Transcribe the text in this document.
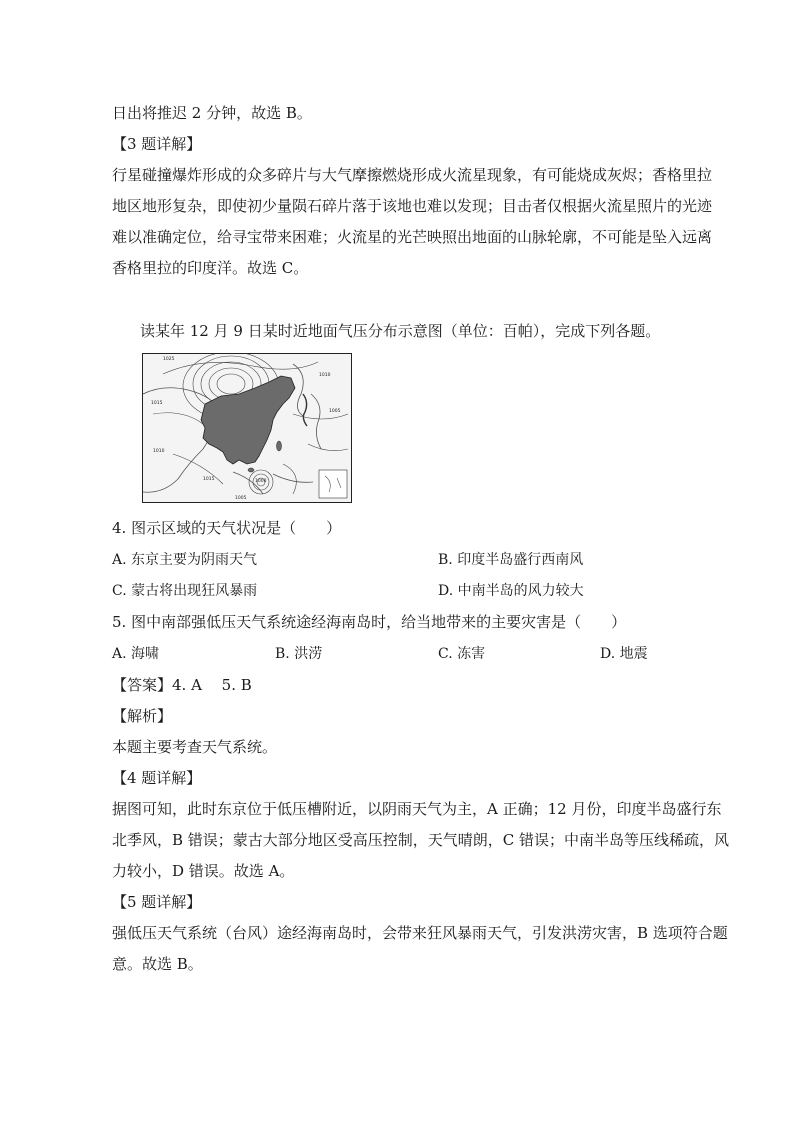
日出将推迟 2 分钟，故选 B。
【3 题详解】
行星碰撞爆炸形成的众多碎片与大气摩擦燃烧形成火流星现象，有可能烧成灰烬；香格里拉
地区地形复杂，即使初少量陨石碎片落于该地也难以发现；目击者仅根据火流星照片的光迹
难以准确定位，给寻宝带来困难；火流星的光芒映照出地面的山脉轮廓，不可能是坠入远离
香格里拉的印度洋。故选 C。
读某年 12 月 9 日某时近地面气压分布示意图（单位：百帕），完成下列各题。
1025
1015
1010
1005
1000
1010
1015
1005
4. 图示区域的天气状况是（　　）
A. 东京主要为阴雨天气	B. 印度半岛盛行西南风
C. 蒙古将出现狂风暴雨	D. 中南半岛的风力较大
5. 图中南部强低压天气系统途经海南岛时，给当地带来的主要灾害是（　　）
A. 海啸	B. 洪涝	C. 冻害	D. 地震
【答案】4. A　 5. B
【解析】
本题主要考查天气系统。
【4 题详解】
据图可知，此时东京位于低压槽附近，以阴雨天气为主，A 正确；12 月份，印度半岛盛行东
北季风，B 错误；蒙古大部分地区受高压控制，天气晴朗，C 错误；中南半岛等压线稀疏，风
力较小，D 错误。故选 A。
【5 题详解】
强低压天气系统（台风）途经海南岛时，会带来狂风暴雨天气，引发洪涝灾害，B 选项符合题
意。故选 B。
